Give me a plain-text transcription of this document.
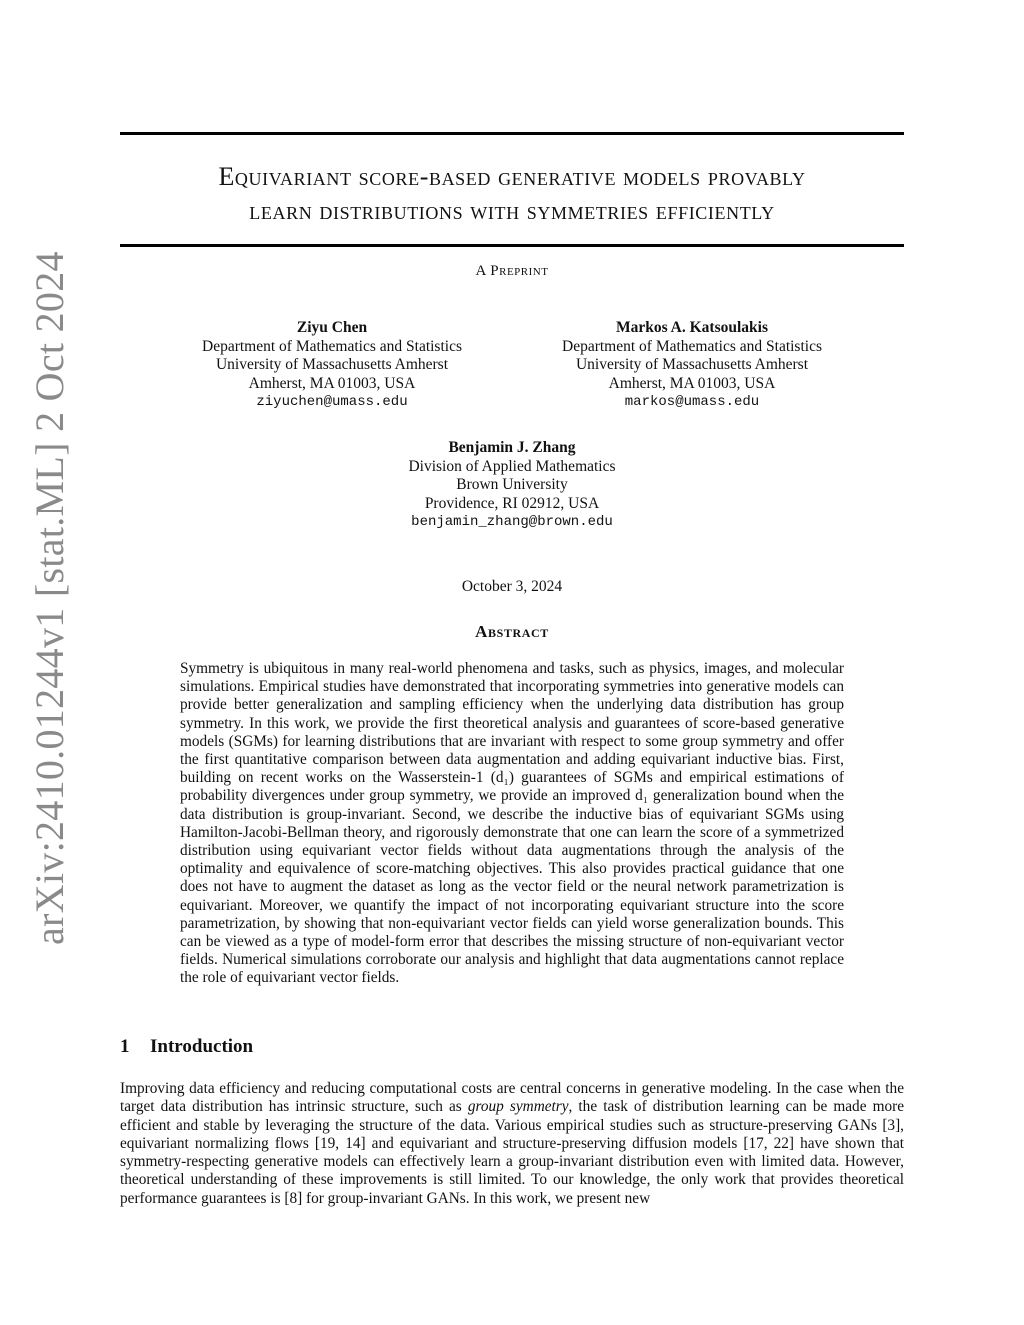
arXiv:2410.01244v1 [stat.ML] 2 Oct 2024
Equivariant score-based generative models provably
learn distributions with symmetries efficiently
A Preprint
Ziyu Chen
Department of Mathematics and Statistics
University of Massachusetts Amherst
Amherst, MA 01003, USA
ziyuchen@umass.edu
Markos A. Katsoulakis
Department of Mathematics and Statistics
University of Massachusetts Amherst
Amherst, MA 01003, USA
markos@umass.edu
Benjamin J. Zhang
Division of Applied Mathematics
Brown University
Providence, RI 02912, USA
benjamin_zhang@brown.edu
October 3, 2024
Abstract

Symmetry is ubiquitous in many real-world phenomena and tasks, such as physics, images, and molecular simulations. Empirical studies have demonstrated that incorporating symmetries into generative models can provide better generalization and sampling efficiency when the underlying data distribution has group symmetry. In this work, we provide the first theoretical analysis and guarantees of score-based generative models (SGMs) for learning distributions that are invariant with respect to some group symmetry and offer the first quantitative comparison between data augmentation and adding equivariant inductive bias. First, building on recent works on the Wasserstein-1 (d₁) guarantees of SGMs and empirical estimations of probability divergences under group symmetry, we provide an improved d₁ generalization bound when the data distribution is group-invariant. Second, we describe the inductive bias of equivariant SGMs using Hamilton-Jacobi-Bellman theory, and rigorously demonstrate that one can learn the score of a symmetrized distribution using equivariant vector fields without data augmentations through the analysis of the optimality and equivalence of score-matching objectives. This also provides practical guidance that one does not have to augment the dataset as long as the vector field or the neural network parametrization is equivariant. Moreover, we quantify the impact of not incorporating equivariant structure into the score parametrization, by showing that non-equivariant vector fields can yield worse generalization bounds. This can be viewed as a type of model-form error that describes the missing structure of non-equivariant vector fields. Numerical simulations corroborate our analysis and highlight that data augmentations cannot replace the role of equivariant vector fields.

1 Introduction

Improving data efficiency and reducing computational costs are central concerns in generative modeling. In the case when the target data distribution has intrinsic structure, such as group symmetry, the task of distribution learning can be made more efficient and stable by leveraging the structure of the data. Various empirical studies such as structure-preserving GANs [3], equivariant normalizing flows [19, 14] and equivariant and structure-preserving diffusion models [17, 22] have shown that symmetry-respecting generative models can effectively learn a group-invariant distribution even with limited data. However, theoretical understanding of these improvements is still limited. To our knowledge, the only work that provides theoretical performance guarantees is [8] for group-invariant GANs. In this work, we present new
